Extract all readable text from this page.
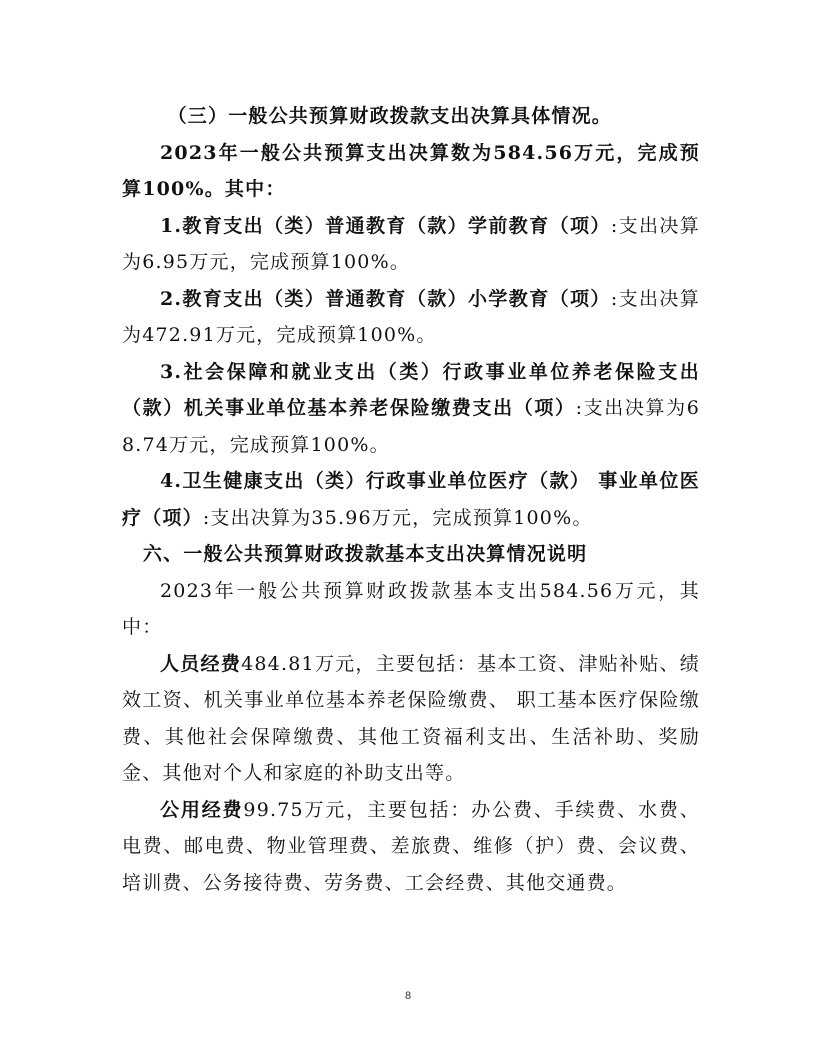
（三）一般公共预算财政拨款支出决算具体情况。

2023年一般公共预算支出决算数为584.56万元，完成预算100%。其中：

1.教育支出（类）普通教育（款）学前教育（项）:支出决算为6.95万元，完成预算100%。

2.教育支出（类）普通教育（款）小学教育（项）:支出决算为472.91万元，完成预算100%。

3.社会保障和就业支出（类）行政事业单位养老保险支出（款）机关事业单位基本养老保险缴费支出（项）:支出决算为68.74万元，完成预算100%。

4.卫生健康支出（类）行政事业单位医疗（款） 事业单位医疗（项）:支出决算为35.96万元，完成预算100%。

六、一般公共预算财政拨款基本支出决算情况说明

2023年一般公共预算财政拨款基本支出584.56万元，其中：

人员经费484.81万元，主要包括：基本工资、津贴补贴、绩效工资、机关事业单位基本养老保险缴费、 职工基本医疗保险缴费、其他社会保障缴费、其他工资福利支出、生活补助、奖励金、其他对个人和家庭的补助支出等。

公用经费99.75万元，主要包括：办公费、手续费、水费、电费、邮电费、物业管理费、差旅费、维修（护）费、会议费、培训费、公务接待费、劳务费、工会经费、其他交通费。

8
